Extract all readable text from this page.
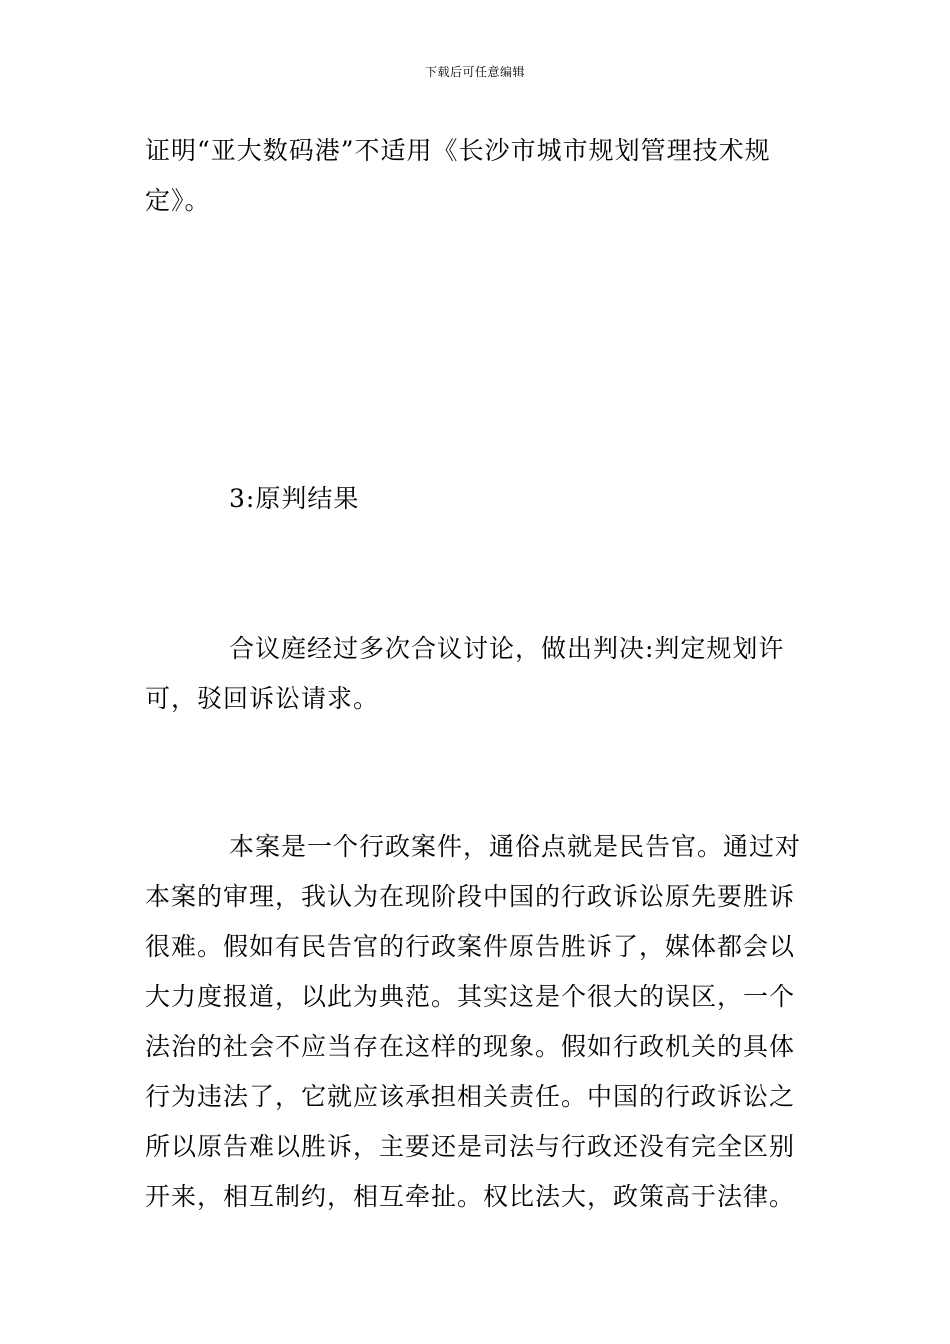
下载后可任意编辑

证明“亚大数码港”不适用《长沙市城市规划管理技术规定》。

3:原判结果

合议庭经过多次合议讨论，做出判决:判定规划许可，驳回诉讼请求。

本案是一个行政案件，通俗点就是民告官。通过对本案的审理，我认为在现阶段中国的行政诉讼原先要胜诉很难。假如有民告官的行政案件原告胜诉了，媒体都会以大力度报道，以此为典范。其实这是个很大的误区，一个法治的社会不应当存在这样的现象。假如行政机关的具体行为违法了，它就应该承担相关责任。中国的行政诉讼之所以原告难以胜诉，主要还是司法与行政还没有完全区别开来，相互制约，相互牵扯。权比法大，政策高于法律。
